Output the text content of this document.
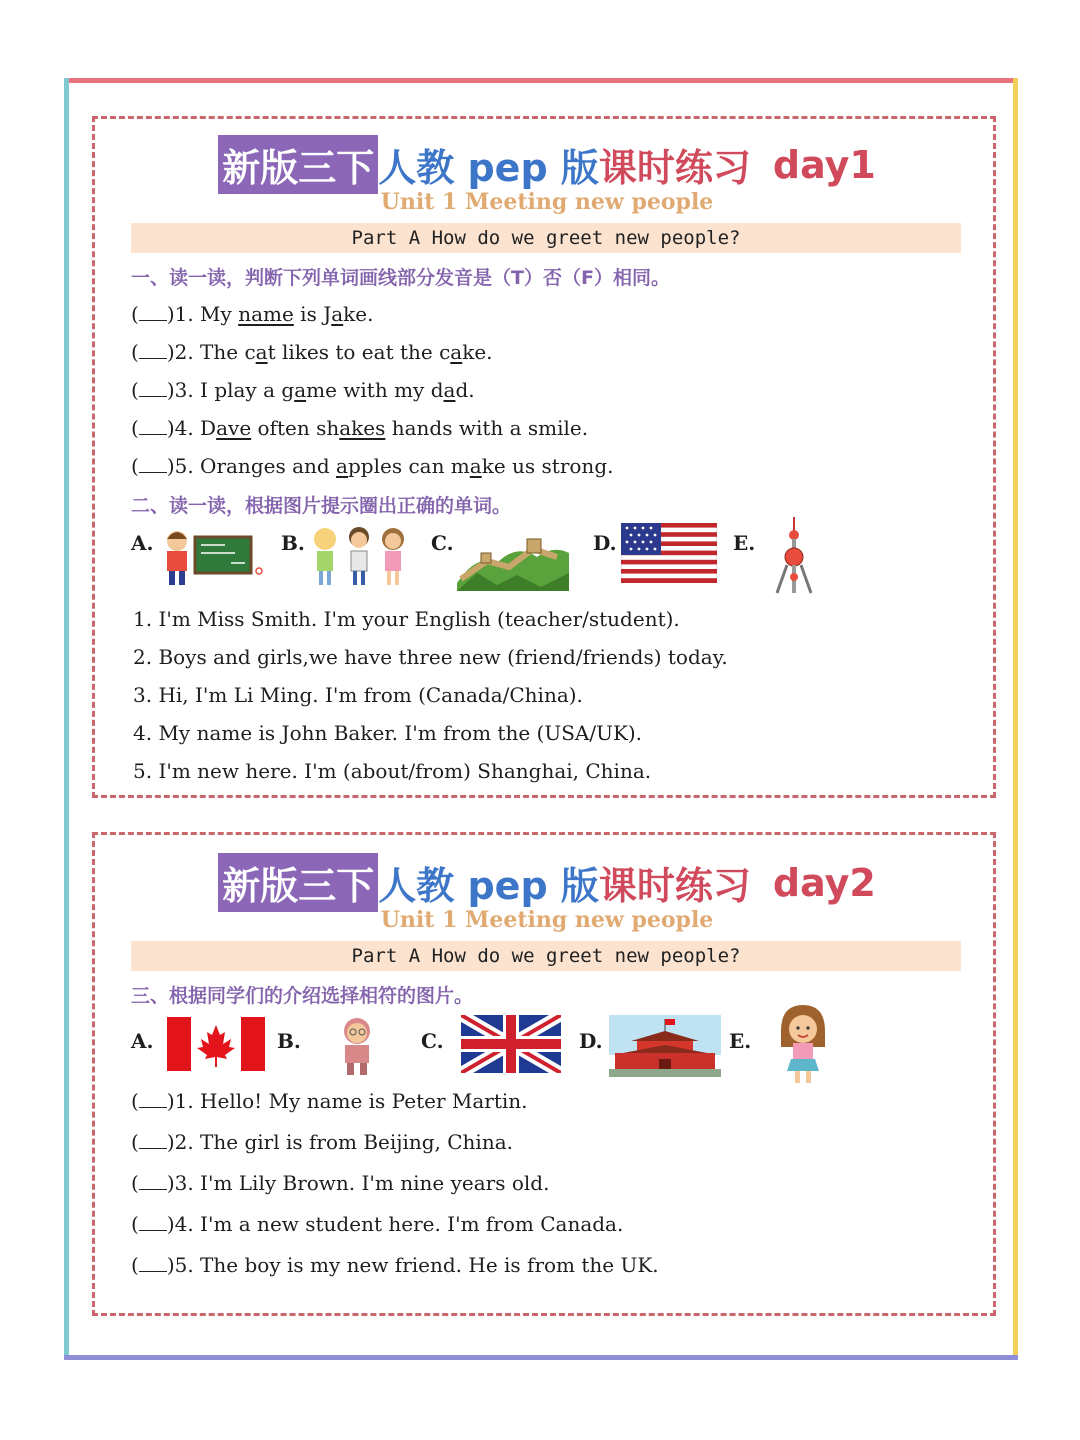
新版三下 人教 pep 版课时练习 day1
Unit 1 Meeting new people
Part A How do we greet new people?
一、读一读，判断下列单词画线部分发音是（T）否（F）相同。
( )1. My name is Jake.
( )2. The cat likes to eat the cake.
( )3. I play a game with my dad.
( )4. Dave often shakes hands with a smile.
( )5. Oranges and apples can make us strong.
二、读一读，根据图片提示圈出正确的单词。
A.	B.	C.	D.	E.
1. I'm Miss Smith. I'm your English (teacher/student).
2. Boys and girls,we have three new (friend/friends) today.
3. Hi, I'm Li Ming. I'm from (Canada/China).
4. My name is John Baker. I'm from the (USA/UK).
5. I'm new here. I'm (about/from) Shanghai, China.
新版三下 人教 pep 版课时练习 day2
Unit 1 Meeting new people
Part A How do we greet new people?
三、根据同学们的介绍选择相符的图片。
A.	B.	C.	D.	E.
( )1. Hello! My name is Peter Martin.
( )2. The girl is from Beijing, China.
( )3. I'm Lily Brown. I'm nine years old.
( )4. I'm a new student here. I'm from Canada.
( )5. The boy is my new friend. He is from the UK.
